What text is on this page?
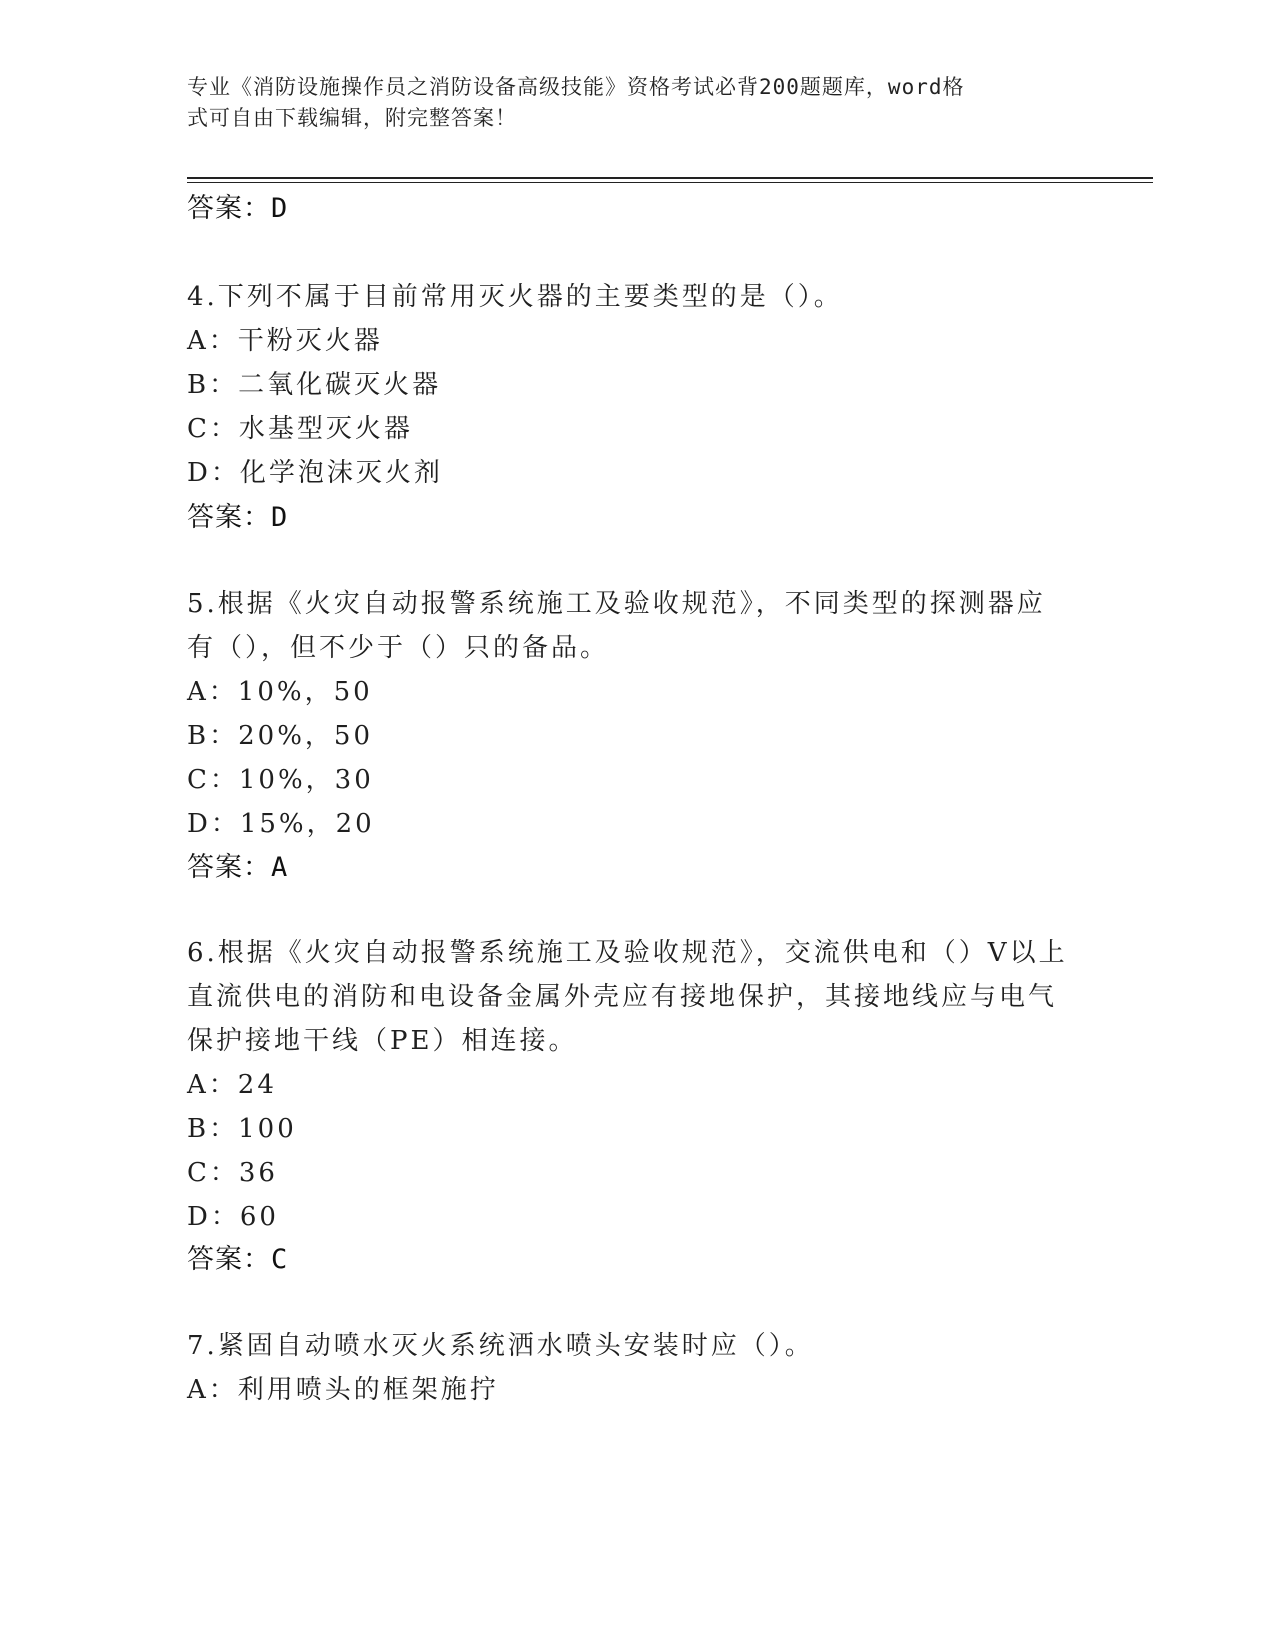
专业《消防设施操作员之消防设备高级技能》资格考试必背200题题库，word格
式可自由下载编辑，附完整答案！
答案：D
4.下列不属于目前常用灭火器的主要类型的是（）。
A：干粉灭火器
B：二氧化碳灭火器
C：水基型灭火器
D：化学泡沫灭火剂
答案：D
5.根据《火灾自动报警系统施工及验收规范》，不同类型的探测器应
有（），但不少于（）只的备品。
A：10%，50
B：20%，50
C：10%，30
D：15%，20
答案：A
6.根据《火灾自动报警系统施工及验收规范》，交流供电和（）V以上
直流供电的消防和电设备金属外壳应有接地保护，其接地线应与电气
保护接地干线（PE）相连接。
A：24
B：100
C：36
D：60
答案：C
7.紧固自动喷水灭火系统洒水喷头安装时应（）。
A：利用喷头的框架施拧
